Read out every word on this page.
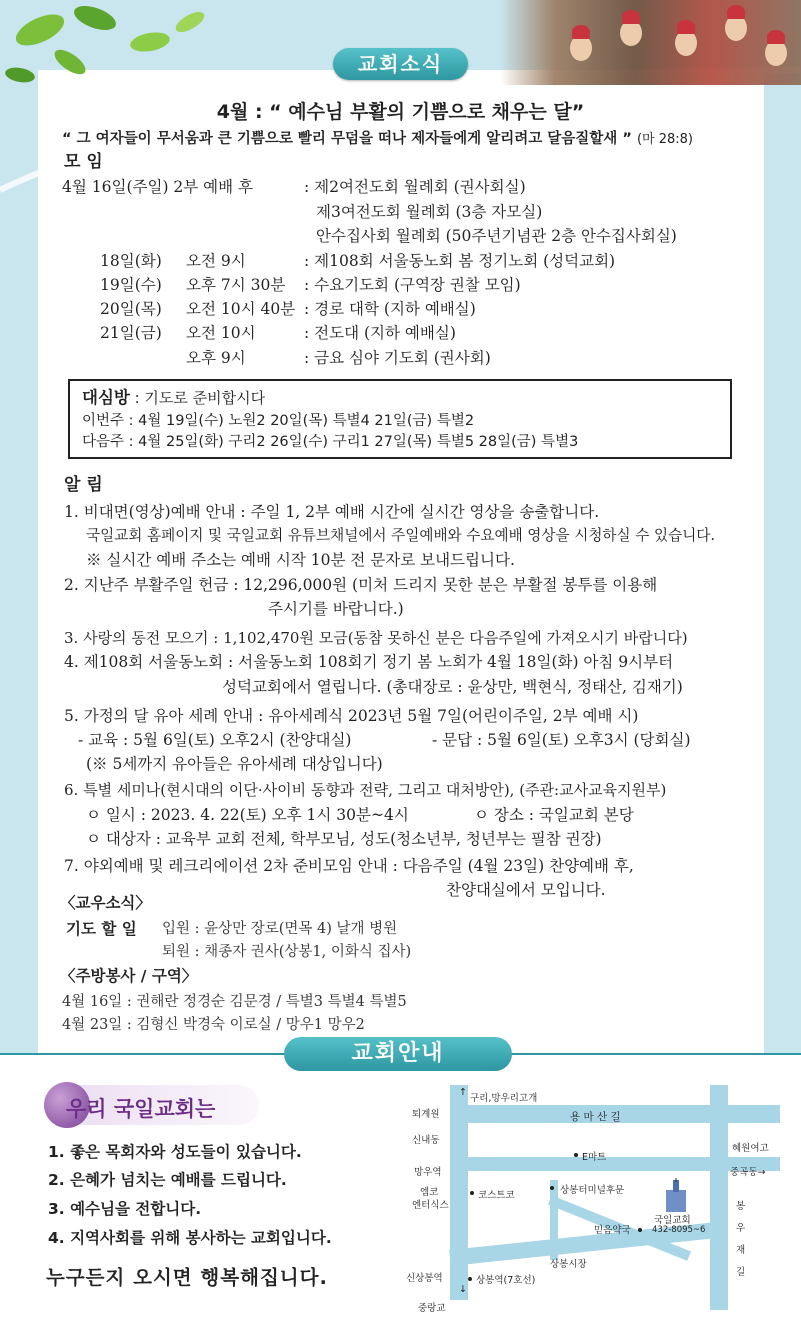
교회소식
4월 : “ 예수님 부활의 기쁨으로 채우는 달”
“ 그 여자들이 무서움과 큰 기쁨으로 빨리 무덤을 떠나 제자들에게 알리려고 달음질할새 ” (마 28:8)
모 임
4월 16일(주일) 2부 예배 후	: 제2여전도회 월례회 (권사회실)
제3여전도회 월례회 (3층 자모실)
안수집사회 월례회 (50주년기념관 2층 안수집사회실)
18일(화) 오전 9시	: 제108회 서울동노회 봄 정기노회 (성덕교회)
19일(수) 오후 7시 30분 : 수요기도회 (구역장 권찰 모임)
20일(목) 오전 10시 40분 : 경로 대학 (지하 예배실)
21일(금) 오전 10시	: 전도대 (지하 예배실)
오후 9시	: 금요 심야 기도회 (권사회)
대심방 : 기도로 준비합시다
이번주 : 4월 19일(수) 노원2 20일(목) 특별4 21일(금) 특별2
다음주 : 4월 25일(화) 구리2 26일(수) 구리1 27일(목) 특별5 28일(금) 특별3
알 림
1. 비대면(영상)예배 안내 : 주일 1, 2부 예배 시간에 실시간 영상을 송출합니다.
국일교회 홈페이지 및 국일교회 유튜브채널에서 주일예배와 수요예배 영상을 시청하실 수 있습니다.
※ 실시간 예배 주소는 예배 시작 10분 전 문자로 보내드립니다.
2. 지난주 부활주일 헌금 : 12,296,000원 (미처 드리지 못한 분은 부활절 봉투를 이용해
주시기를 바랍니다.)
3. 사랑의 동전 모으기 : 1,102,470원 모금(동참 못하신 분은 다음주일에 가져오시기 바랍니다)
4. 제108회 서울동노회 : 서울동노회 108회기 정기 봄 노회가 4월 18일(화) 아침 9시부터
성덕교회에서 열립니다. (총대장로 : 윤상만, 백현식, 정태산, 김재기)
5. 가정의 달 유아 세례 안내 : 유아세례식 2023년 5월 7일(어린이주일, 2부 예배 시)
- 교육 : 5월 6일(토) 오후2시 (찬양대실)	- 문답 : 5월 6일(토) 오후3시 (당회실)
(※ 5세까지 유아들은 유아세례 대상입니다)
6. 특별 세미나(현시대의 이단·사이비 동향과 전략, 그리고 대처방안), (주관:교사교육지원부)
ㅇ 일시 : 2023. 4. 22(토) 오후 1시 30분~4시	ㅇ 장소 : 국일교회 본당
ㅇ 대상자 : 교육부 교회 전체, 학부모님, 성도(청소년부, 청년부는 필참 권장)
7. 야외예배 및 레크리에이션 2차 준비모임 안내 : 다음주일 (4월 23일) 찬양예배 후,
찬양대실에서 모입니다.
〈교우소식〉
기도 할 일 입원 : 윤상만 장로(면목 4) 날개 병원
퇴원 : 채종자 권사(상봉1, 이화식 집사)
〈주방봉사 / 구역〉
4월 16일 : 권해란 정경순 김문경 / 특별3 특별4 특별5
4월 23일 : 김형신 박경숙 이로실 / 망우1 망우2
교회안내
우리 국일교회는
1. 좋은 목회자와 성도들이 있습니다.
2. 은혜가 넘치는 예배를 드립니다.
3. 예수님을 전합니다.
4. 지역사회를 위해 봉사하는 교회입니다.
누구든지 오시면 행복해집니다.
↑
구리,망우리고개
퇴계원	용 마 산 길
신내동
E마트
혜원여고
망우역	중곡동→
엠코
엔터식스
코스트코	상봉터미널후문
국일교회
432-8095~6
믿음약국
봉
우
재
길
상봉시장
신상봉역	상봉역(7호선)
↓
중랑교
